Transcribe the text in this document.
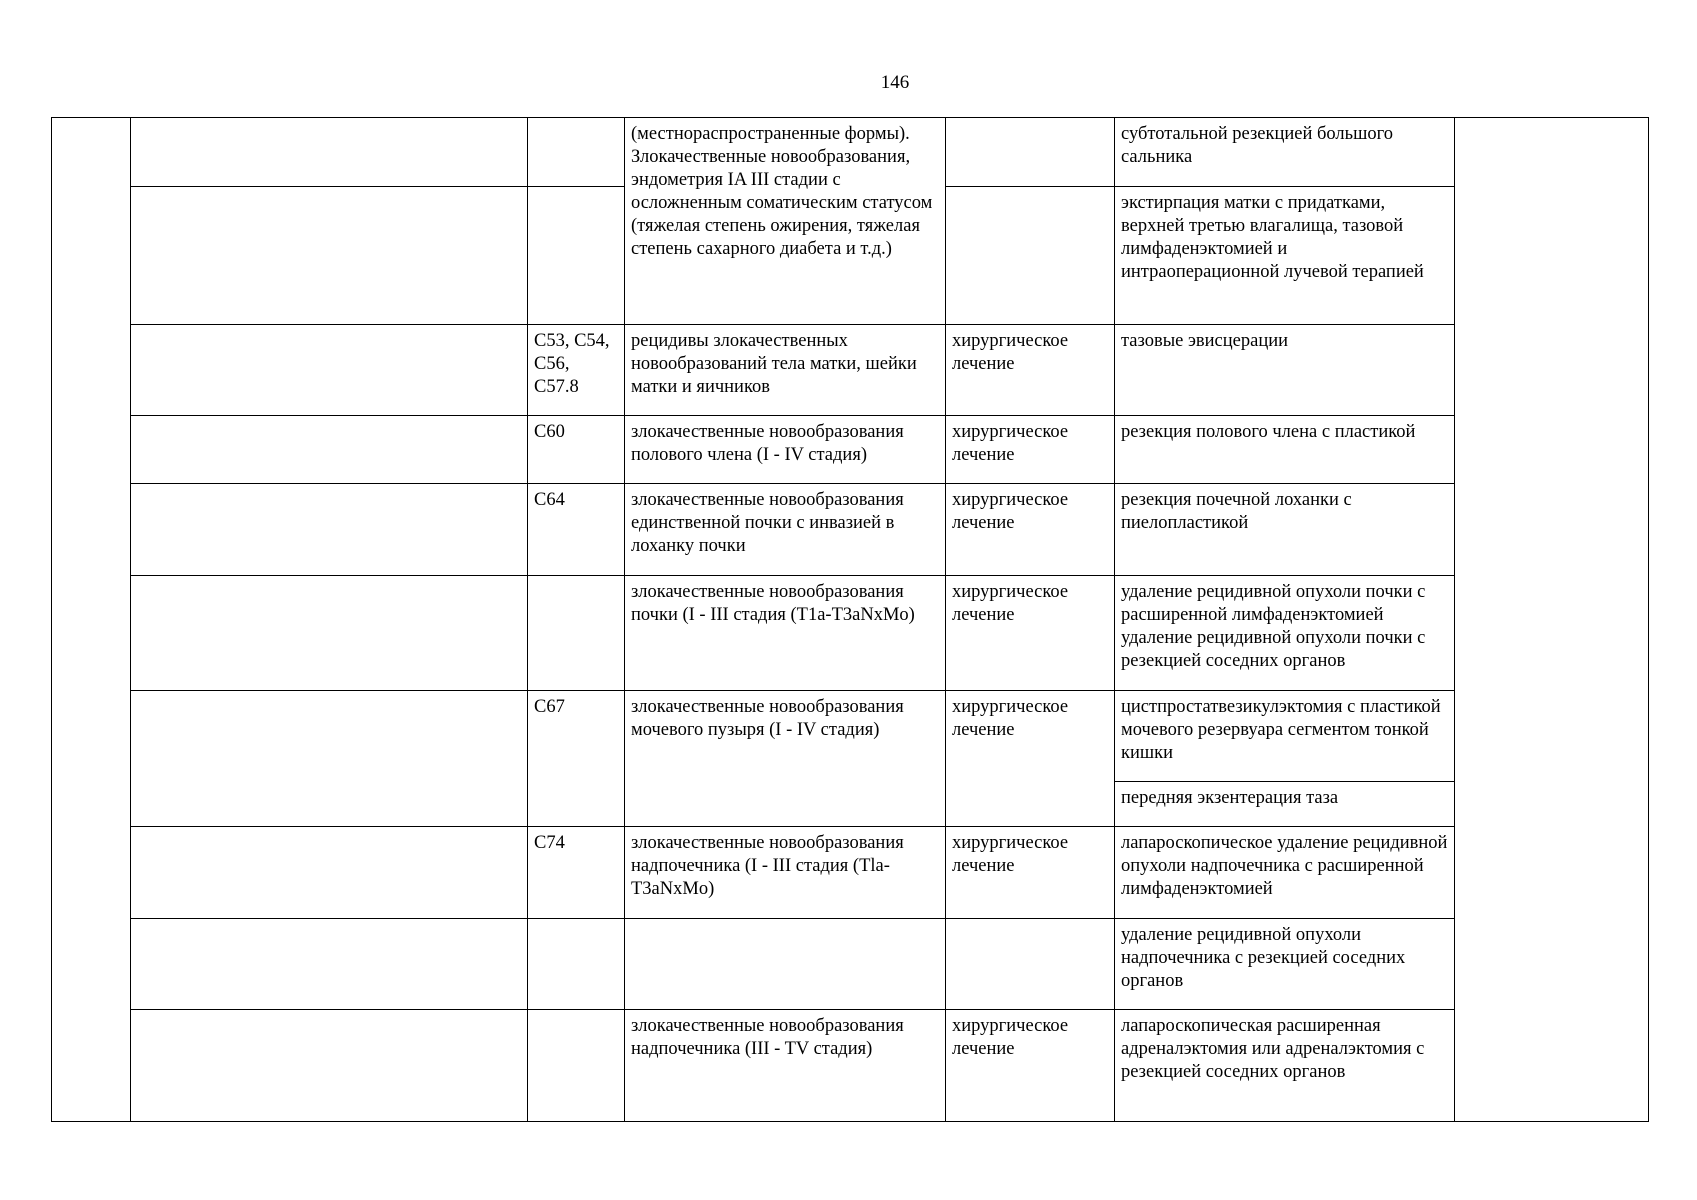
146
			(местнораспространенные формы). Злокачественные новообразования, эндометрия IA III стадии с осложненным соматическим статусом (тяжелая степень ожирения, тяжелая степень сахарного диабета и т.д.)		субтотальной резекцией большого сальника	
					экстирпация матки с придатками, верхней третью влагалища, тазовой лимфаденэктомией и интраоперационной лучевой терапией	
		С53, С54, С56, С57.8	рецидивы злокачественных новообразований тела матки, шейки матки и яичников	хирургическое лечение	тазовые эвисцерации	
		С60	злокачественные новообразования полового члена (I - IV стадия)	хирургическое лечение	резекция полового члена с пластикой	
		С64	злокачественные новообразования единственной почки с инвазией в лоханку почки	хирургическое лечение	резекция почечной лоханки с пиелопластикой	
			злокачественные новообразования почки (I - III стадия (T1a-T3aNxMo)	хирургическое лечение	удаление рецидивной опухоли почки с расширенной лимфаденэктомией удаление рецидивной опухоли почки с резекцией соседних органов	
		С67	злокачественные новообразования мочевого пузыря (I - IV стадия)	хирургическое лечение	цистпростатвезикулэктомия с пластикой мочевого резервуара сегментом тонкой кишки	
					передняя экзентерация таза	
		С74	злокачественные новообразования надпочечника (I - III стадия (Tla-T3aNxMo)	хирургическое лечение	лапароскопическое удаление рецидивной опухоли надпочечника с расширенной лимфаденэктомией	
					удаление рецидивной опухоли надпочечника с резекцией соседних органов	
			злокачественные новообразования надпочечника (III - TV стадия)	хирургическое лечение	лапароскопическая расширенная адреналэктомия или адреналэктомия с резекцией соседних органов	
